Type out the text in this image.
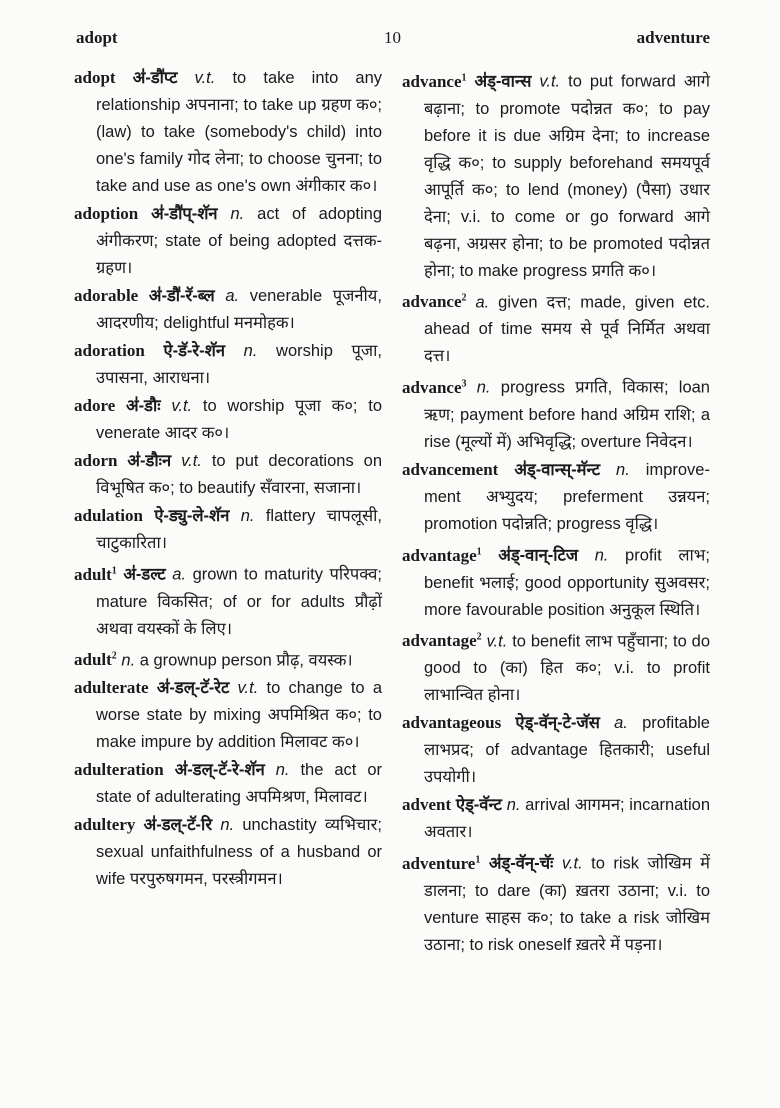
adopt	10	adventure

adopt अ॑-डौ॑प्ट v.t. to take into any relationship अपनाना; to take up ग्रहण क०; (law) to take (somebody's child) into one's family गोद लेना; to choose चुनना; to take and use as one's own अंगीकार क०।

adoption अ॑-डौ॑प्-शॅन n. act of adopting अंगीकरण; state of being adopted दत्तक-ग्रहण।

adorable अ॑-डौ॑-रॅ-ब्ल a. venerable पूजनीय, आदरणीय; delightful मनमोहक।

adoration ऐ-डॅ-रे-शॅन n. worship पूजा, उपासना, आराधना।

adore अ॑-डौः v.t. to worship पूजा क०; to venerate आदर क०।

adorn अ॑-डौःन v.t. to put decorations on विभूषित क०; to beautify सँवारना, सजाना।

adulation ऐ-ड्यु-ले-शॅन n. flattery चापलूसी, चाटुकारिता।

adult$^1$ अ॑-डल्ट a. grown to maturity परिपक्व; mature विकसित; of or for adults प्रौढ़ों अथवा वयस्कों के लिए।

adult$^2$ n. a grownup person प्रौढ़, वयस्क।

adulterate अ॑-डल्-टॅ-रेट v.t. to change to a worse state by mixing अपमिश्रित क०; to make impure by addition मिलावट क०।

adulteration अ॑-डल्-टॅ-रे-शॅन n. the act or state of adulterating अपमिश्रण, मिलावट।

adultery अ॑-डल्-टॅ-रि n. unchastity व्यभिचार; sexual unfaithfulness of a husband or wife परपुरुषगमन, परस्त्रीगमन।

advance$^1$ अ॑ड्-वान्स v.t. to put forward आगे बढ़ाना; to promote पदोन्नत क०; to pay before it is due अग्रिम देना; to increase वृद्धि क०; to supply beforehand समयपूर्व आपूर्ति क०; to lend (money) (पैसा) उधार देना; v.i. to come or go forward आगे बढ़ना, अग्रसर होना; to be promoted पदोन्नत होना; to make progress प्रगति क०।

advance$^2$ a. given दत्त; made, given etc. ahead of time समय से पूर्व निर्मित अथवा दत्त।

advance$^3$ n. progress प्रगति, विकास; loan ऋण; payment before hand अग्रिम राशि; a rise (मूल्यों में) अभिवृद्धि; overture निवेदन।

advancement अ॑ड्-वान्स्-मॅन्ट n. improve-ment अभ्युदय; preferment उन्नयन; promotion पदोन्नति; progress वृद्धि।

advantage$^1$ अ॑ड्-वान्-टिज n. profit लाभ; benefit भलाई; good opportunity सुअवसर; more favourable position अनुकूल स्थिति।

advantage$^2$ v.t. to benefit लाभ पहुँचाना; to do good to (का) हित क०; v.i. to profit लाभान्वित होना।

advantageous ऐड्-वॅन्-टे-जॅस a. profitable लाभप्रद; of advantage हितकारी; useful उपयोगी।

advent ऐड्-वॅन्ट n. arrival आगमन; incarnation अवतार।

adventure$^1$ अ॑ड्-वॅन्-चॅः v.t. to risk जोखिम में डालना; to dare (का) ख़तरा उठाना; v.i. to venture साहस क०; to take a risk जोखिम उठाना; to risk oneself ख़तरे में पड़ना।
